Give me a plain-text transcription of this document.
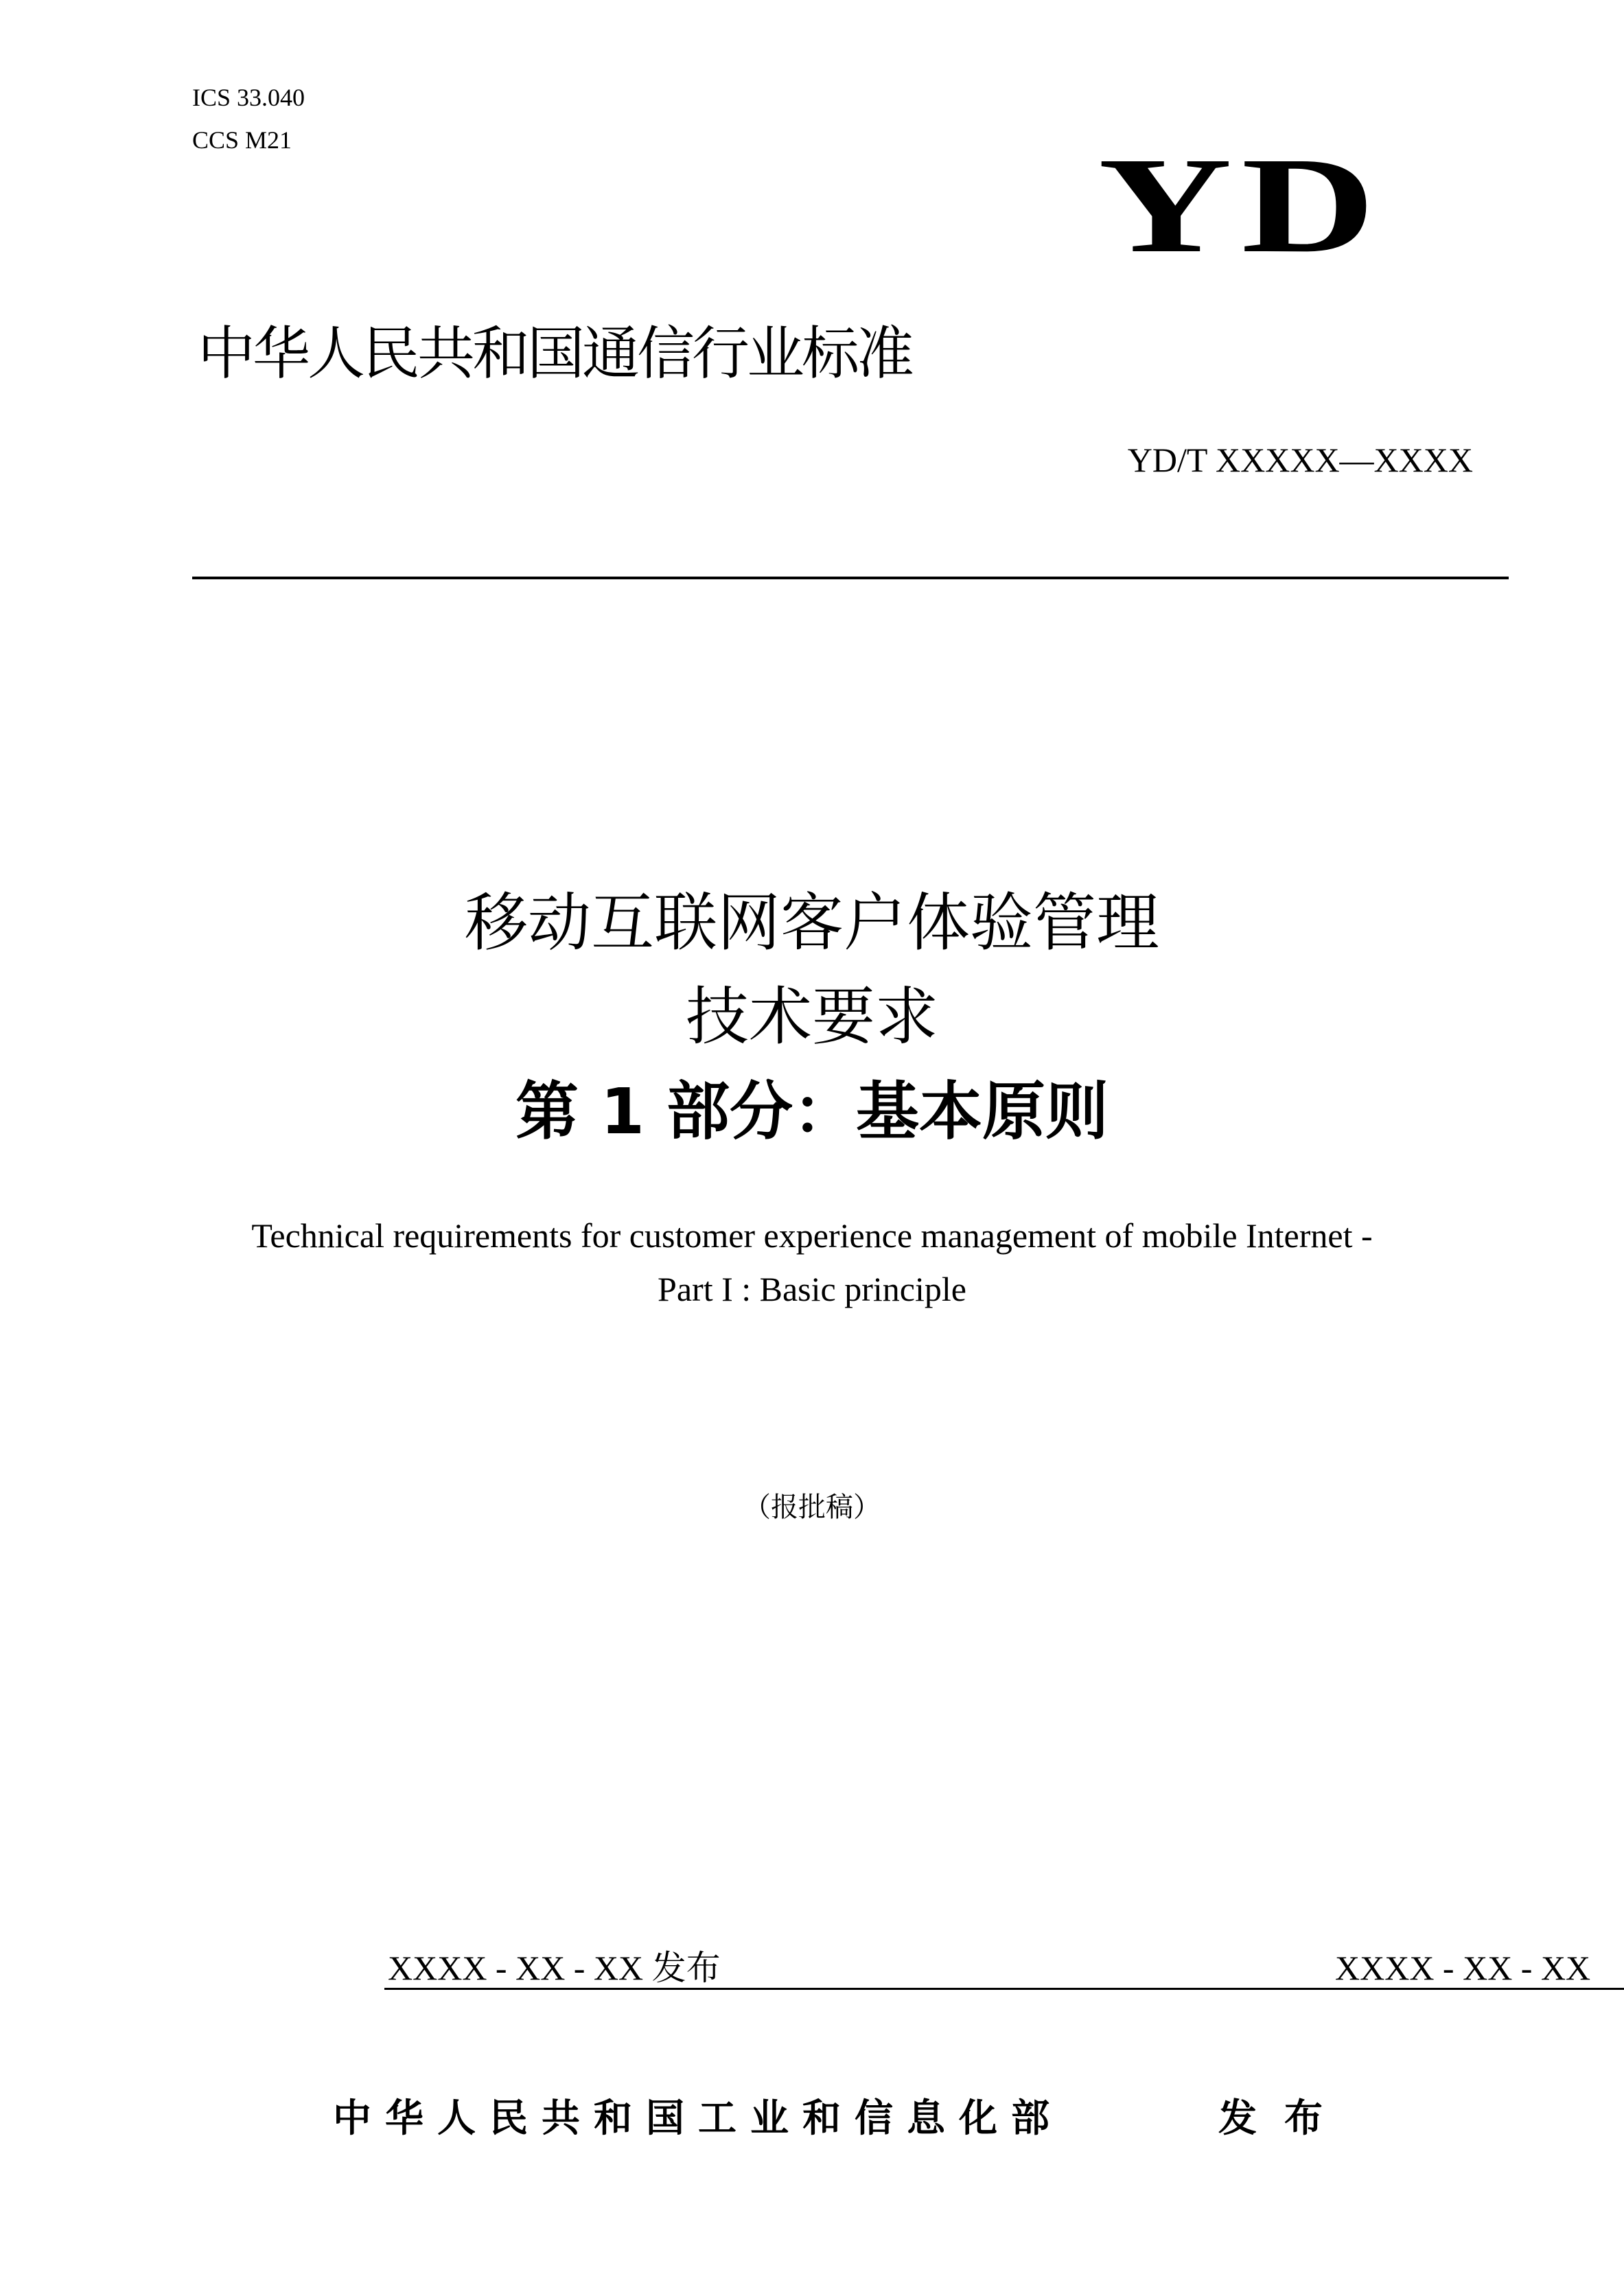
ICS 33.040
CCS M21	YD
中华人民共和国通信行业标准
YD/T XXXXX—XXXX
移动互联网客户体验管理
技术要求
第 1 部分：基本原则
Technical requirements for customer experience management of mobile Internet -
Part I : Basic principle
（报批稿）
XXXX - XX - XX 发布	XXXX - XX - XX
中华人民共和国工业和信息化部	发布
